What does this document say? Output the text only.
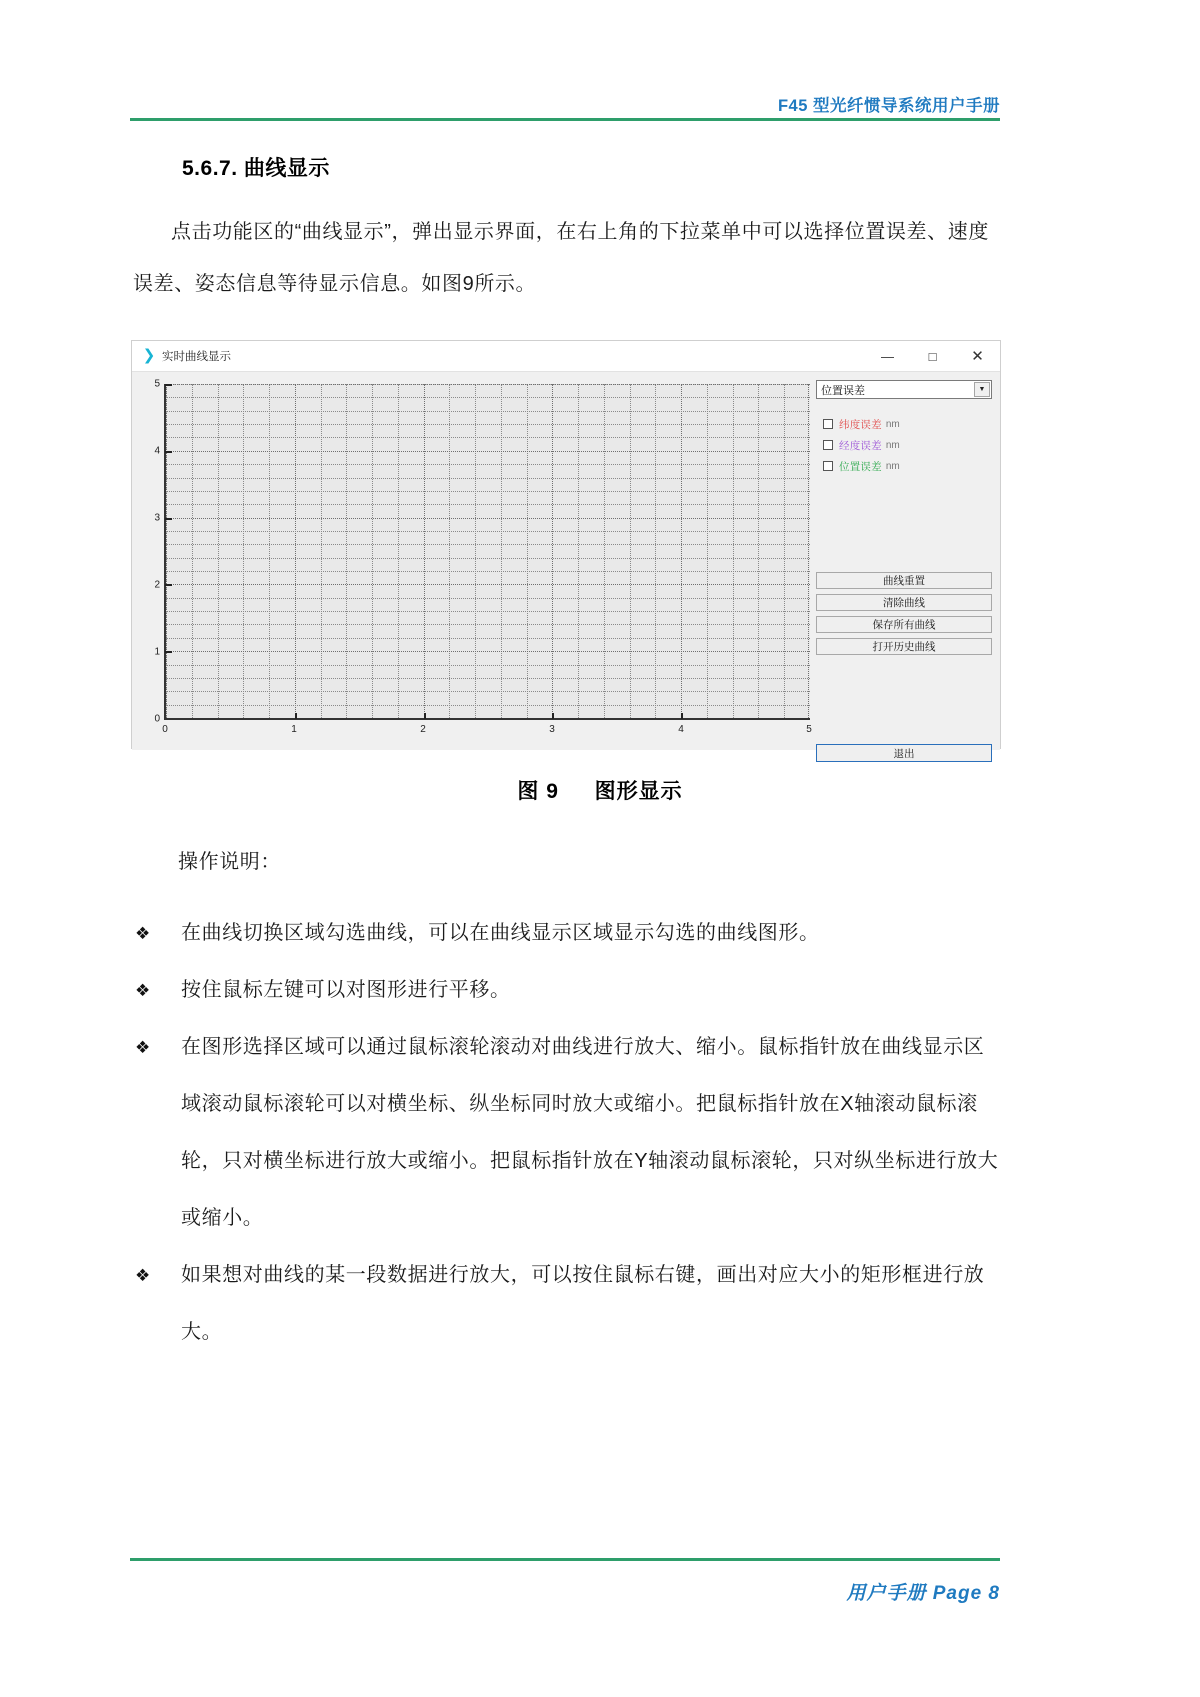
F45 型光纤惯导系统用户手册
5.6.7. 曲线显示
点击功能区的“曲线显示”，弹出显示界面，在右上角的下拉菜单中可以选择位置误差、速度误差、姿态信息等待显示信息。如图9所示。
❯ 实时曲线显示	—	□	✕
5
4
3
2
1
0
0	1	2	3	4	5
位置误差	▼
纬度误差 nm
经度误差 nm
位置误差 nm
曲线重置
清除曲线
保存所有曲线
打开历史曲线
退出
图 9 图形显示
操作说明：
❖	在曲线切换区域勾选曲线，可以在曲线显示区域显示勾选的曲线图形。
❖	按住鼠标左键可以对图形进行平移。
❖	在图形选择区域可以通过鼠标滚轮滚动对曲线进行放大、缩小。鼠标指针放在曲线显示区域滚动鼠标滚轮可以对横坐标、纵坐标同时放大或缩小。把鼠标指针放在X轴滚动鼠标滚轮，只对横坐标进行放大或缩小。把鼠标指针放在Y轴滚动鼠标滚轮，只对纵坐标进行放大或缩小。
❖	如果想对曲线的某一段数据进行放大，可以按住鼠标右键，画出对应大小的矩形框进行放大。
用户手册 Page 8
